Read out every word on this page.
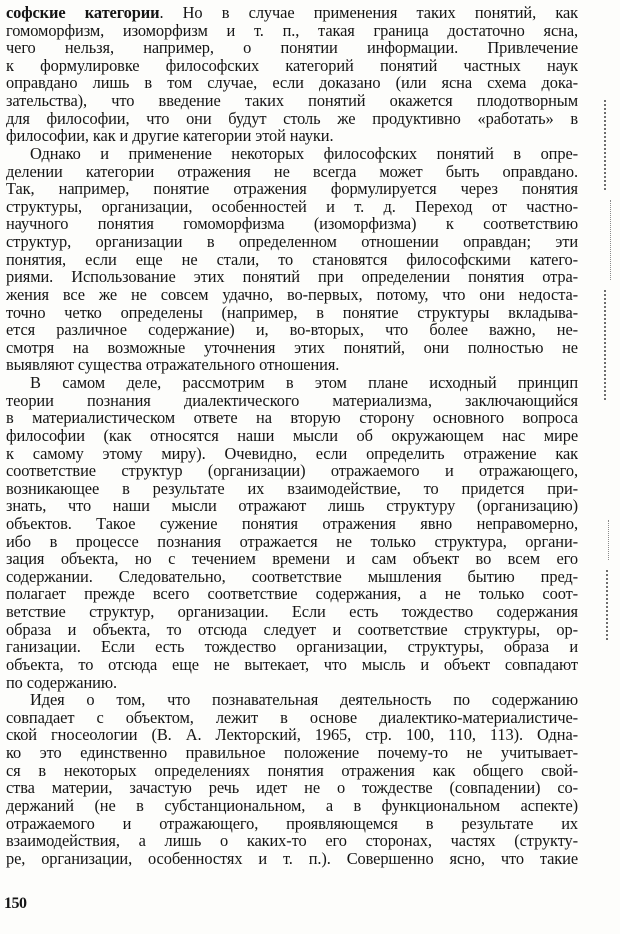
софские категории. Но в случае применения таких понятий, как
гомоморфизм, изоморфизм и т. п., такая граница достаточно ясна,
чего нельзя, например, о понятии информации. Привлечение
к формулировке философских категорий понятий частных наук
оправдано лишь в том случае, если доказано (или ясна схема дока-
зательства), что введение таких понятий окажется плодотворным
для философии, что они будут столь же продуктивно «работать» в
философии, как и другие категории этой науки.
Однако и применение некоторых философских понятий в опре-
делении категории отражения не всегда может быть оправдано.
Так, например, понятие отражения формулируется через понятия
структуры, организации, особенностей и т. д. Переход от частно-
научного понятия гомоморфизма (изоморфизма) к соответствию
структур, организации в определенном отношении оправдан; эти
понятия, если еще не стали, то становятся философскими катего-
риями. Использование этих понятий при определении понятия отра-
жения все же не совсем удачно, во-первых, потому, что они недоста-
точно четко определены (например, в понятие структуры вкладыва-
ется различное содержание) и, во-вторых, что более важно, не-
смотря на возможные уточнения этих понятий, они полностью не
выявляют существа отражательного отношения.
В самом деле, рассмотрим в этом плане исходный принцип
теории познания диалектического материализма, заключающийся
в материалистическом ответе на вторую сторону основного вопроса
философии (как относятся наши мысли об окружающем нас мире
к самому этому миру). Очевидно, если определить отражение как
соответствие структур (организации) отражаемого и отражающего,
возникающее в результате их взаимодействие, то придется при-
знать, что наши мысли отражают лишь структуру (организацию)
объектов. Такое сужение понятия отражения явно неправомерно,
ибо в процессе познания отражается не только структура, органи-
зация объекта, но с течением времени и сам объект во всем его
содержании. Следовательно, соответствие мышления бытию пред-
полагает прежде всего соответствие содержания, а не только соот-
ветствие структур, организации. Если есть тождество содержания
образа и объекта, то отсюда следует и соответствие структуры, ор-
ганизации. Если есть тождество организации, структуры, образа и
объекта, то отсюда еще не вытекает, что мысль и объект совпадают
по содержанию.
Идея о том, что познавательная деятельность по содержанию
совпадает с объектом, лежит в основе диалектико-материалистиче-
ской гносеологии (В. А. Лекторский, 1965, стр. 100, 110, 113). Одна-
ко это единственно правильное положение почему-то не учитывает-
ся в некоторых определениях понятия отражения как общего свой-
ства материи, зачастую речь идет не о тождестве (совпадении) со-
держаний (не в субстанциональном, а в функциональном аспекте)
отражаемого и отражающего, проявляющемся в результате их
взаимодействия, а лишь о каких-то его сторонах, частях (структу-
ре, организации, особенностях и т. п.). Совершенно ясно, что такие
150
